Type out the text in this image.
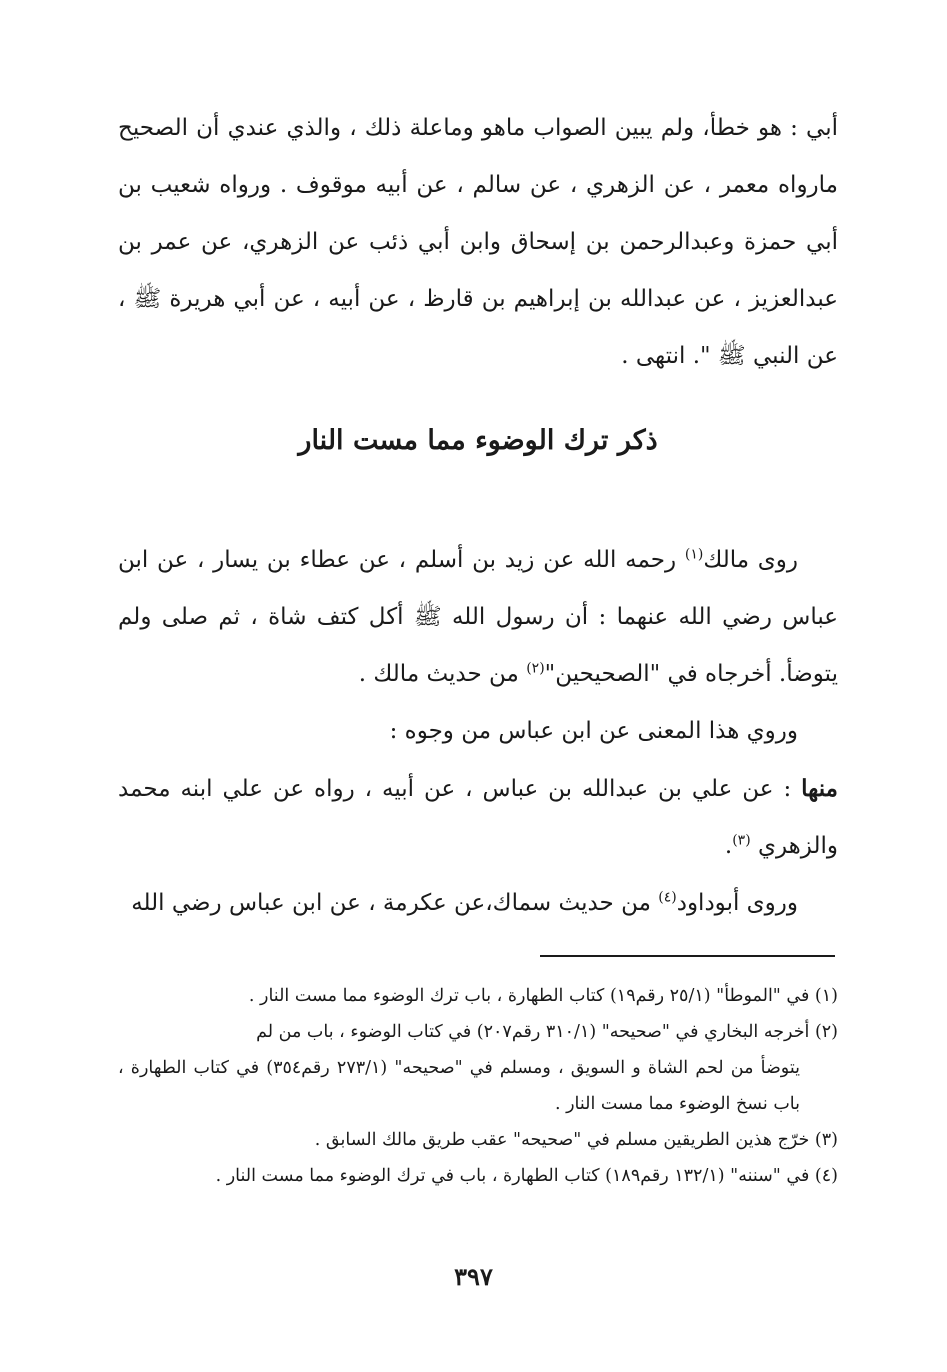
أبي : هو خطأ، ولم يبين الصواب ماهو وماعلة ذلك ، والذي عندي أن الصحيح مارواه معمر ، عن الزهري ، عن سالم ، عن أبيه موقوف . ورواه شعيب بن أبي حمزة وعبدالرحمن بن إسحاق وابن أبي ذئب عن الزهري، عن عمر بن عبدالعزيز ، عن عبدالله بن إبراهيم بن قارظ ، عن أبيه ، عن أبي هريرة ﷺ ، عن النبي ﷺ ". انتهى .

ذكر ترك الوضوء مما مست النار

روى مالك$^{(١)}$ رحمه الله عن زيد بن أسلم ، عن عطاء بن يسار ، عن ابن عباس رضي الله عنهما : أن رسول الله ﷺ أكل كتف شاة ، ثم صلى ولم يتوضأ. أخرجاه في "الصحيحين"$^{(٢)}$ من حديث مالك .

وروي هذا المعنى عن ابن عباس من وجوه :

منها : عن علي بن عبدالله بن عباس ، عن أبيه ، رواه عن علي ابنه محمد والزهري $^{(٣)}$.

وروى أبوداود$^{(٤)}$ من حديث سماك،عن عكرمة ، عن ابن عباس رضي الله

(١) في "الموطأ" (٢٥/١ رقم١٩) كتاب الطهارة ، باب ترك الوضوء مما مست النار .

(٢) أخرجه البخاري في "صحيحه" (٣١٠/١ رقم٢٠٧) في كتاب الوضوء ، باب من لم

يتوضأ من لحم الشاة و السويق ، ومسلم في "صحيحه" (٢٧٣/١ رقم٣٥٤) في كتاب الطهارة ، باب نسخ الوضوء مما مست النار .

(٣) خرّج هذين الطريقين مسلم في "صحيحه" عقب طريق مالك السابق .

(٤) في "سننه" (١٣٢/١ رقم١٨٩) كتاب الطهارة ، باب في ترك الوضوء مما مست النار .

٣٩٧
